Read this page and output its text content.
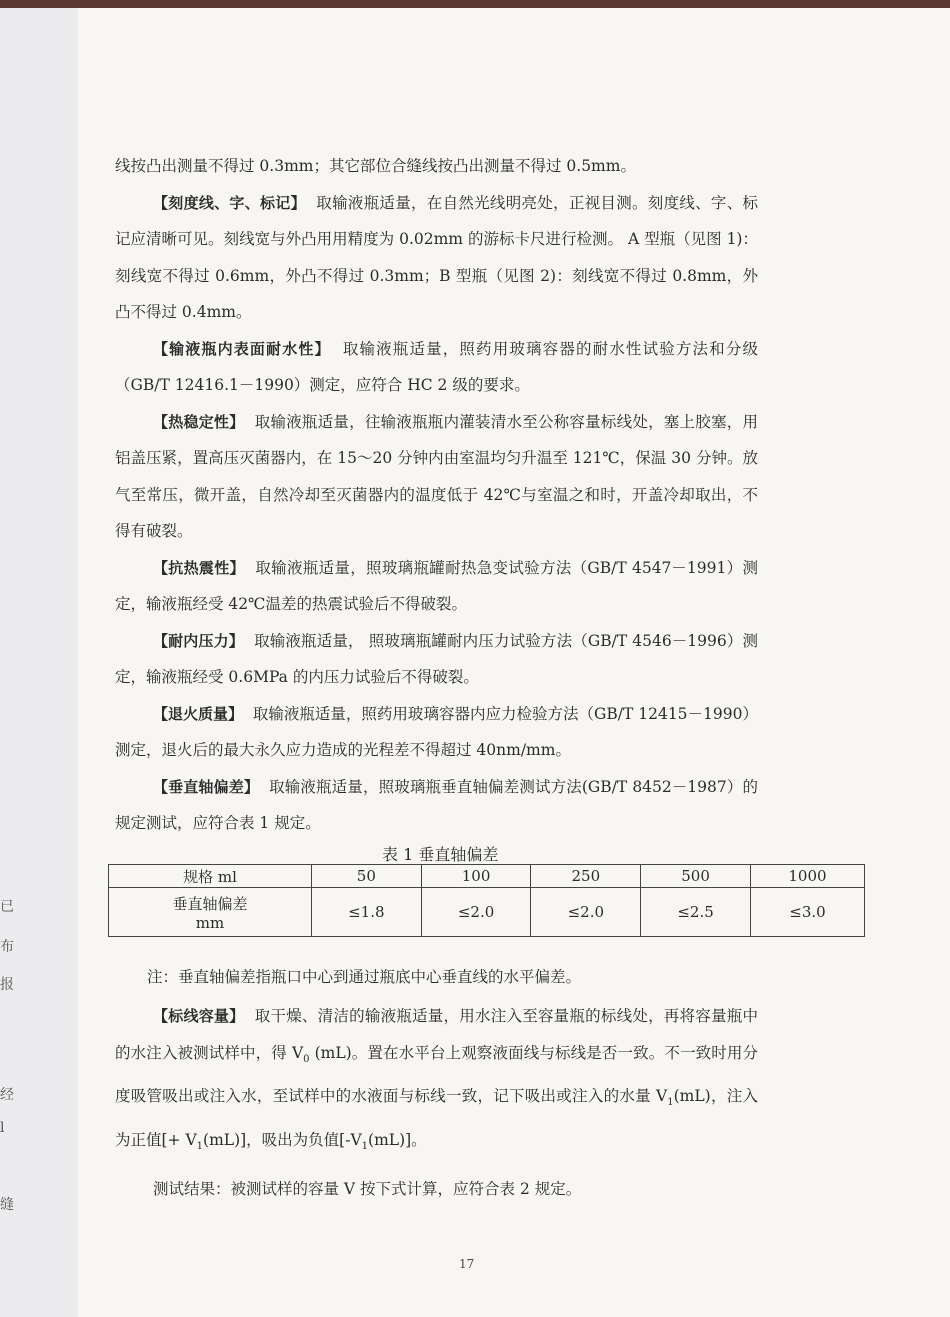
已
布
报
经
l
缝

线按凸出测量不得过 0.3mm；其它部位合缝线按凸出测量不得过 0.5mm。

【刻度线、字、标记】 取输液瓶适量，在自然光线明亮处，正视目测。刻度线、字、标记应清晰可见。刻线宽与外凸用用精度为 0.02mm 的游标卡尺进行检测。 A 型瓶（见图 1)：刻线宽不得过 0.6mm，外凸不得过 0.3mm；B 型瓶（见图 2)：刻线宽不得过 0.8mm，外凸不得过 0.4mm。

【输液瓶内表面耐水性】 取输液瓶适量，照药用玻璃容器的耐水性试验方法和分级（GB/T 12416.1－1990）测定，应符合 HC 2 级的要求。

【热稳定性】 取输液瓶适量，往输液瓶瓶内灌装清水至公称容量标线处，塞上胶塞，用铝盖压紧，置高压灭菌器内，在 15～20 分钟内由室温均匀升温至 121℃，保温 30 分钟。放气至常压，微开盖，自然冷却至灭菌器内的温度低于 42℃与室温之和时，开盖冷却取出，不得有破裂。

【抗热震性】 取输液瓶适量，照玻璃瓶罐耐热急变试验方法（GB/T 4547－1991）测定，输液瓶经受 42℃温差的热震试验后不得破裂。

【耐内压力】 取输液瓶适量， 照玻璃瓶罐耐内压力试验方法（GB/T 4546－1996）测定，输液瓶经受 0.6MPa 的内压力试验后不得破裂。

【退火质量】 取输液瓶适量，照药用玻璃容器内应力检验方法（GB/T 12415－1990）测定，退火后的最大永久应力造成的光程差不得超过 40nm/mm。

【垂直轴偏差】 取输液瓶适量，照玻璃瓶垂直轴偏差测试方法(GB/T 8452－1987）的规定测试，应符合表 1 规定。

表 1 垂直轴偏差
规格 ml	50	100	250	500	1000
垂直轴偏差
mm	≤1.8	≤2.0	≤2.0	≤2.5	≤3.0
注：垂直轴偏差指瓶口中心到通过瓶底中心垂直线的水平偏差。

【标线容量】 取干燥、清洁的输液瓶适量，用水注入至容量瓶的标线处，再将容量瓶中的水注入被测试样中，得 $V_0$ (mL)。置在水平台上观察液面线与标线是否一致。不一致时用分度吸管吸出或注入水，至试样中的水液面与标线一致，记下吸出或注入的水量 $V_1(mL)$，注入为正值[+ $V_1(mL)$]，吸出为负值$[-V_1(mL)]$。

测试结果：被测试样的容量 V 按下式计算，应符合表 2 规定。

17
